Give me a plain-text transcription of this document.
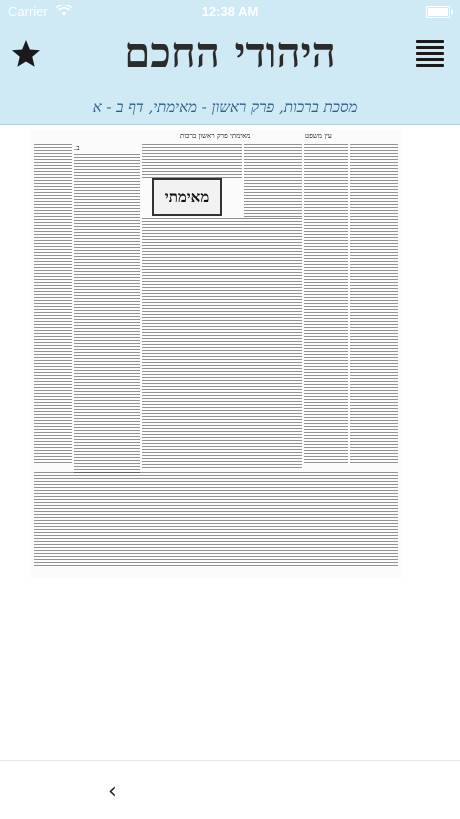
Carrier	12:38 AM
היהודי החכם
מסכת ברכות, פרק ראשון - מאימתי, דף ב - א
מאימתי פרק ראשון ברכות
ב.
עין משפט
מאימתי
‹
